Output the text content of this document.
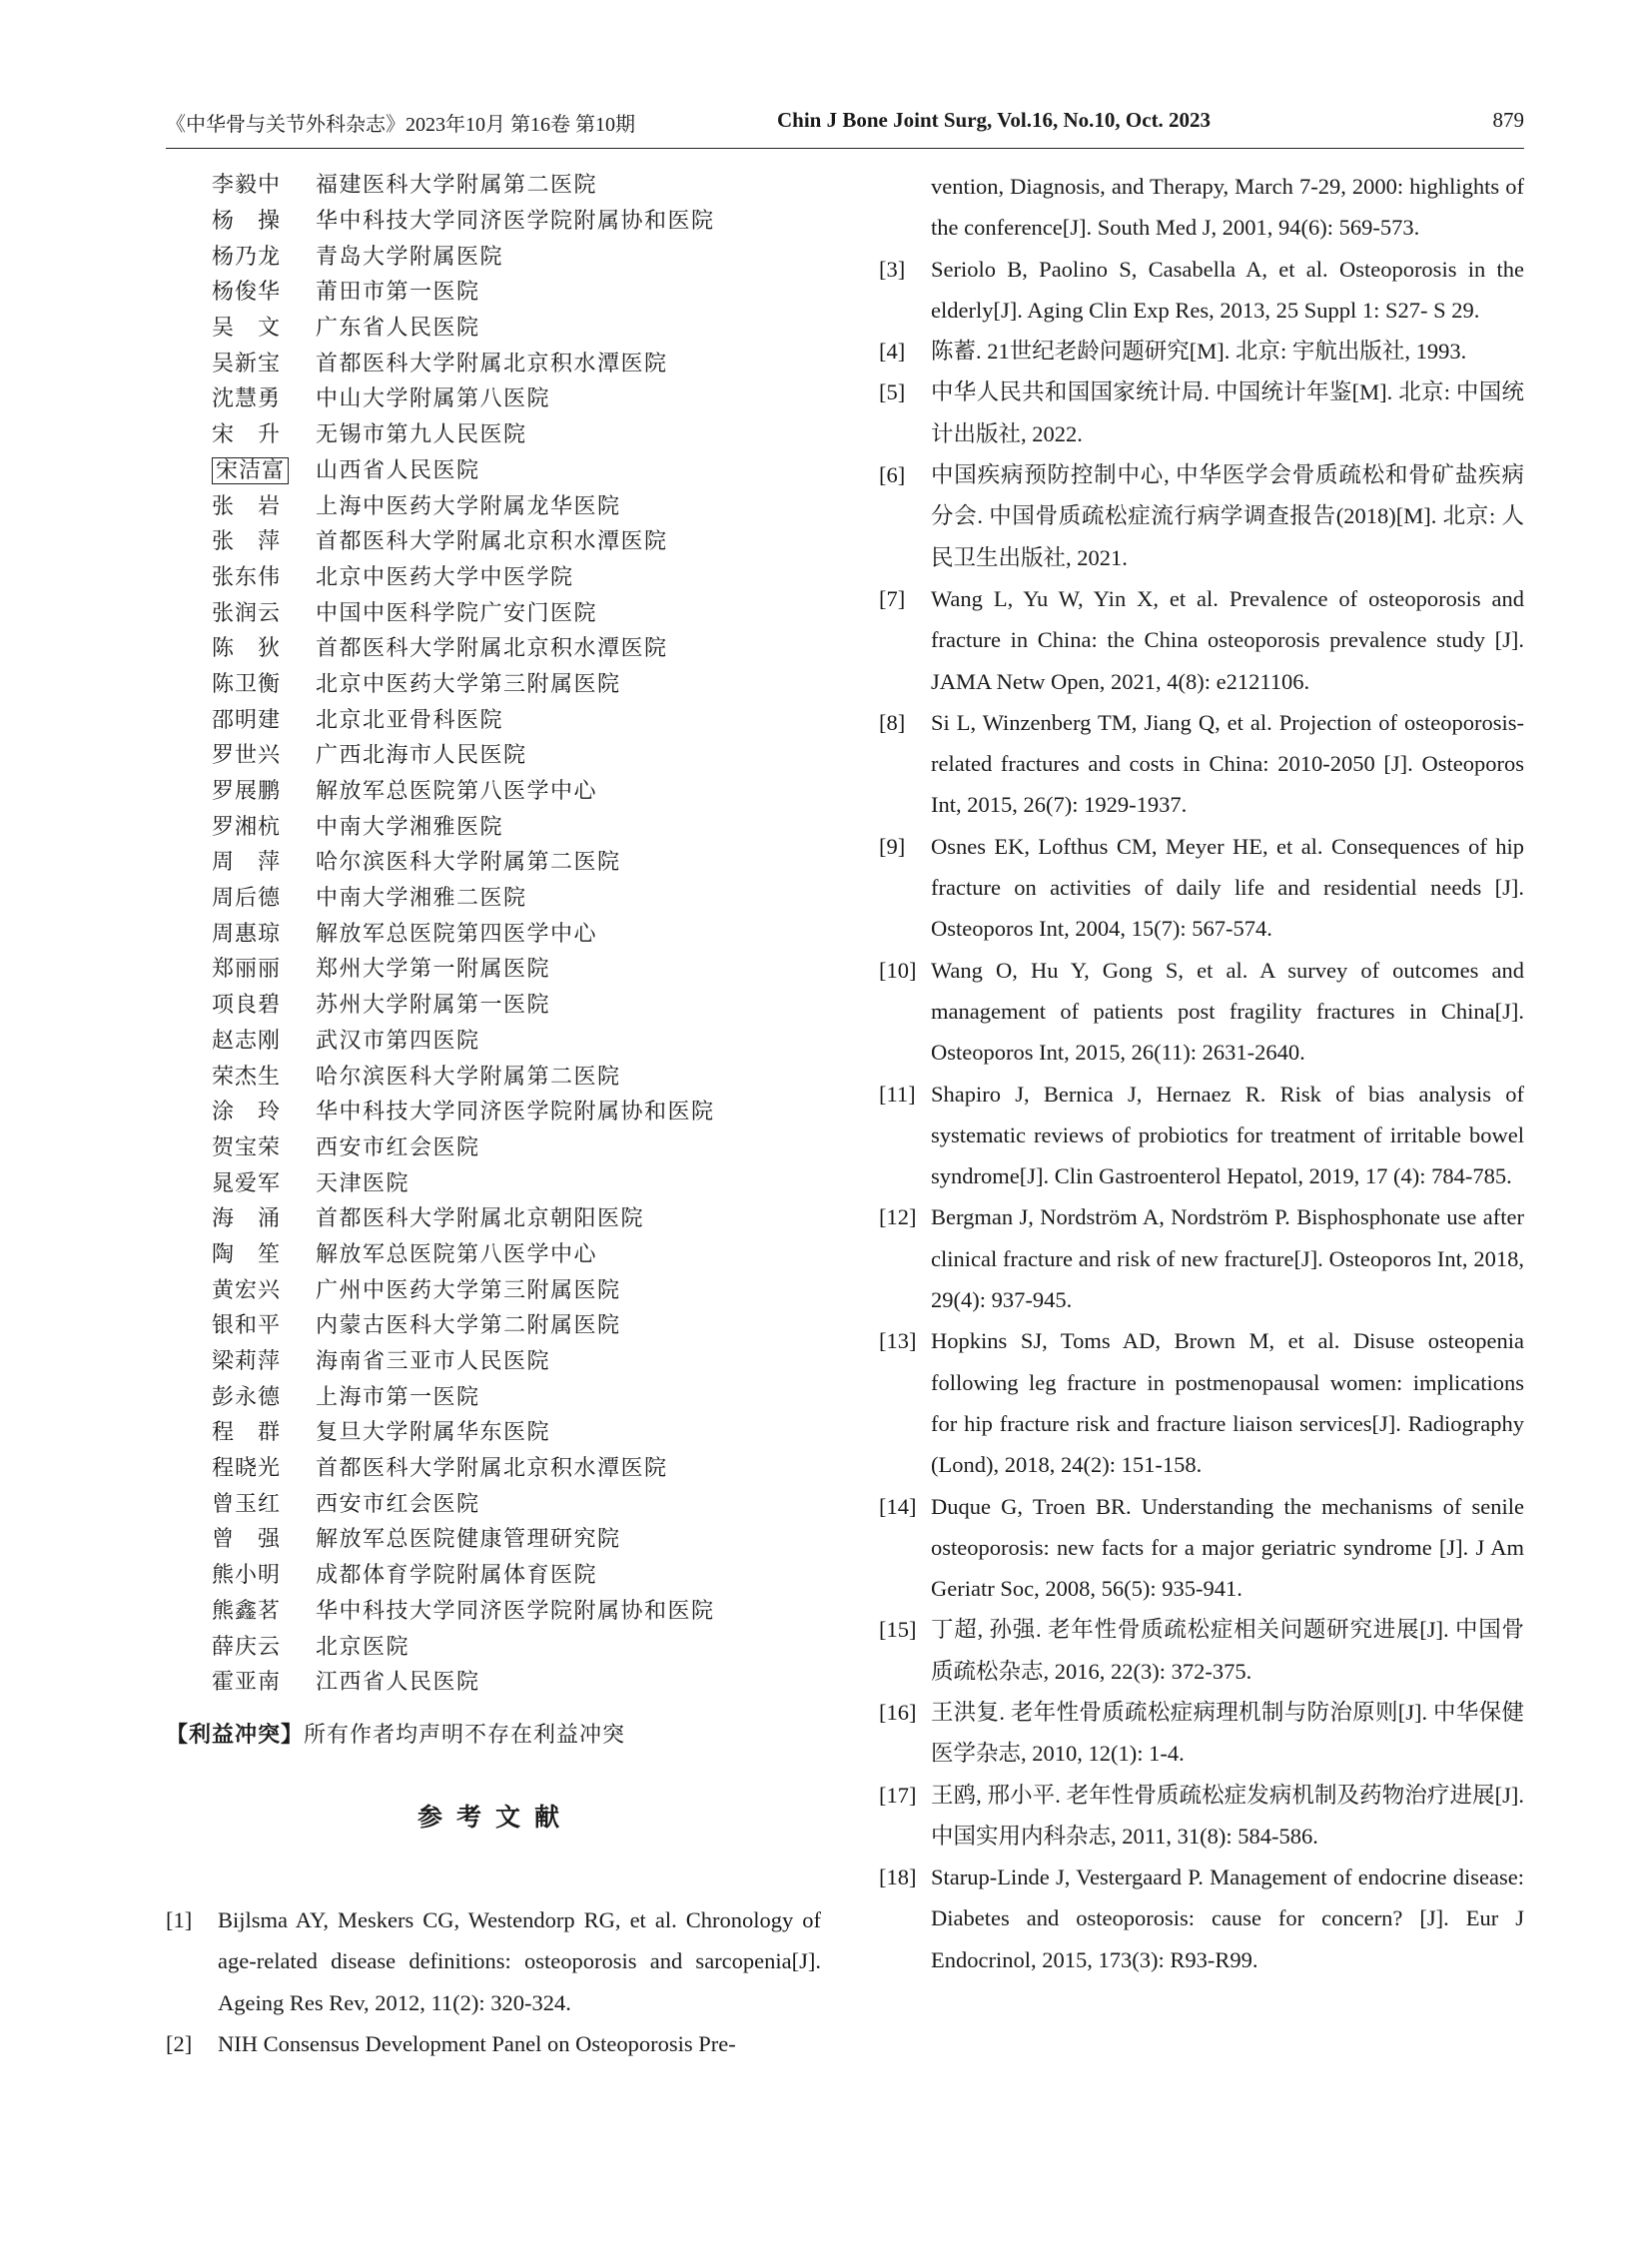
《中华骨与关节外科杂志》2023年10月 第16卷 第10期	Chin J Bone Joint Surg, Vol.16, No.10, Oct. 2023	879
李毅中	福建医科大学附属第二医院
杨　操	华中科技大学同济医学院附属协和医院
杨乃龙	青岛大学附属医院
杨俊华	莆田市第一医院
吴　文	广东省人民医院
吴新宝	首都医科大学附属北京积水潭医院
沈慧勇	中山大学附属第八医院
宋　升	无锡市第九人民医院
宋洁富	山西省人民医院
张　岩	上海中医药大学附属龙华医院
张　萍	首都医科大学附属北京积水潭医院
张东伟	北京中医药大学中医学院
张润云	中国中医科学院广安门医院
陈　狄	首都医科大学附属北京积水潭医院
陈卫衡	北京中医药大学第三附属医院
邵明建	北京北亚骨科医院
罗世兴	广西北海市人民医院
罗展鹏	解放军总医院第八医学中心
罗湘杭	中南大学湘雅医院
周　萍	哈尔滨医科大学附属第二医院
周后德	中南大学湘雅二医院
周惠琼	解放军总医院第四医学中心
郑丽丽	郑州大学第一附属医院
项良碧	苏州大学附属第一医院
赵志刚	武汉市第四医院
荣杰生	哈尔滨医科大学附属第二医院
涂　玲	华中科技大学同济医学院附属协和医院
贺宝荣	西安市红会医院
晁爱军	天津医院
海　涌	首都医科大学附属北京朝阳医院
陶　笙	解放军总医院第八医学中心
黄宏兴	广州中医药大学第三附属医院
银和平	内蒙古医科大学第二附属医院
梁莉萍	海南省三亚市人民医院
彭永德	上海市第一医院
程　群	复旦大学附属华东医院
程晓光	首都医科大学附属北京积水潭医院
曾玉红	西安市红会医院
曾　强	解放军总医院健康管理研究院
熊小明	成都体育学院附属体育医院
熊鑫茗	华中科技大学同济医学院附属协和医院
薛庆云	北京医院
霍亚南	江西省人民医院
【利益冲突】所有作者均声明不存在利益冲突
参考文献
[1]	Bijlsma AY, Meskers CG, Westendorp RG, et al. Chronology of age-related disease definitions: osteoporosis and sarcopenia[J]. Ageing Res Rev, 2012, 11(2): 320-324.
[2]	NIH Consensus Development Panel on Osteoporosis Pre-
vention, Diagnosis, and Therapy, March 7-29, 2000: highlights of the conference[J]. South Med J, 2001, 94(6): 569-573.
[3]	Seriolo B, Paolino S, Casabella A, et al. Osteoporosis in the elderly[J]. Aging Clin Exp Res, 2013, 25 Suppl 1: S27- S 29.
[4]	陈蓄. 21世纪老龄问题研究[M]. 北京: 宇航出版社, 1993.
[5]	中华人民共和国国家统计局. 中国统计年鉴[M]. 北京: 中国统计出版社, 2022.
[6]	中国疾病预防控制中心, 中华医学会骨质疏松和骨矿盐疾病分会. 中国骨质疏松症流行病学调查报告(2018)[M]. 北京: 人民卫生出版社, 2021.
[7]	Wang L, Yu W, Yin X, et al. Prevalence of osteoporosis and fracture in China: the China osteoporosis prevalence study [J]. JAMA Netw Open, 2021, 4(8): e2121106.
[8]	Si L, Winzenberg TM, Jiang Q, et al. Projection of osteoporosis-related fractures and costs in China: 2010-2050 [J]. Osteoporos Int, 2015, 26(7): 1929-1937.
[9]	Osnes EK, Lofthus CM, Meyer HE, et al. Consequences of hip fracture on activities of daily life and residential needs [J]. Osteoporos Int, 2004, 15(7): 567-574.
[10] Wang O, Hu Y, Gong S, et al. A survey of outcomes and management of patients post fragility fractures in China[J]. Osteoporos Int, 2015, 26(11): 2631-2640.
[11] Shapiro J, Bernica J, Hernaez R. Risk of bias analysis of systematic reviews of probiotics for treatment of irritable bowel syndrome[J]. Clin Gastroenterol Hepatol, 2019, 17 (4): 784-785.
[12] Bergman J, Nordström A, Nordström P. Bisphosphonate use after clinical fracture and risk of new fracture[J]. Osteoporos Int, 2018, 29(4): 937-945.
[13] Hopkins SJ, Toms AD, Brown M, et al. Disuse osteopenia following leg fracture in postmenopausal women: implications for hip fracture risk and fracture liaison services[J]. Radiography (Lond), 2018, 24(2): 151-158.
[14] Duque G, Troen BR. Understanding the mechanisms of senile osteoporosis: new facts for a major geriatric syndrome [J]. J Am Geriatr Soc, 2008, 56(5): 935-941.
[15] 丁超, 孙强. 老年性骨质疏松症相关问题研究进展[J]. 中国骨质疏松杂志, 2016, 22(3): 372-375.
[16] 王洪复. 老年性骨质疏松症病理机制与防治原则[J]. 中华保健医学杂志, 2010, 12(1): 1-4.
[17] 王鸥, 邢小平. 老年性骨质疏松症发病机制及药物治疗进展[J]. 中国实用内科杂志, 2011, 31(8): 584-586.
[18] Starup-Linde J, Vestergaard P. Management of endocrine disease: Diabetes and osteoporosis: cause for concern? [J]. Eur J Endocrinol, 2015, 173(3): R93-R99.
